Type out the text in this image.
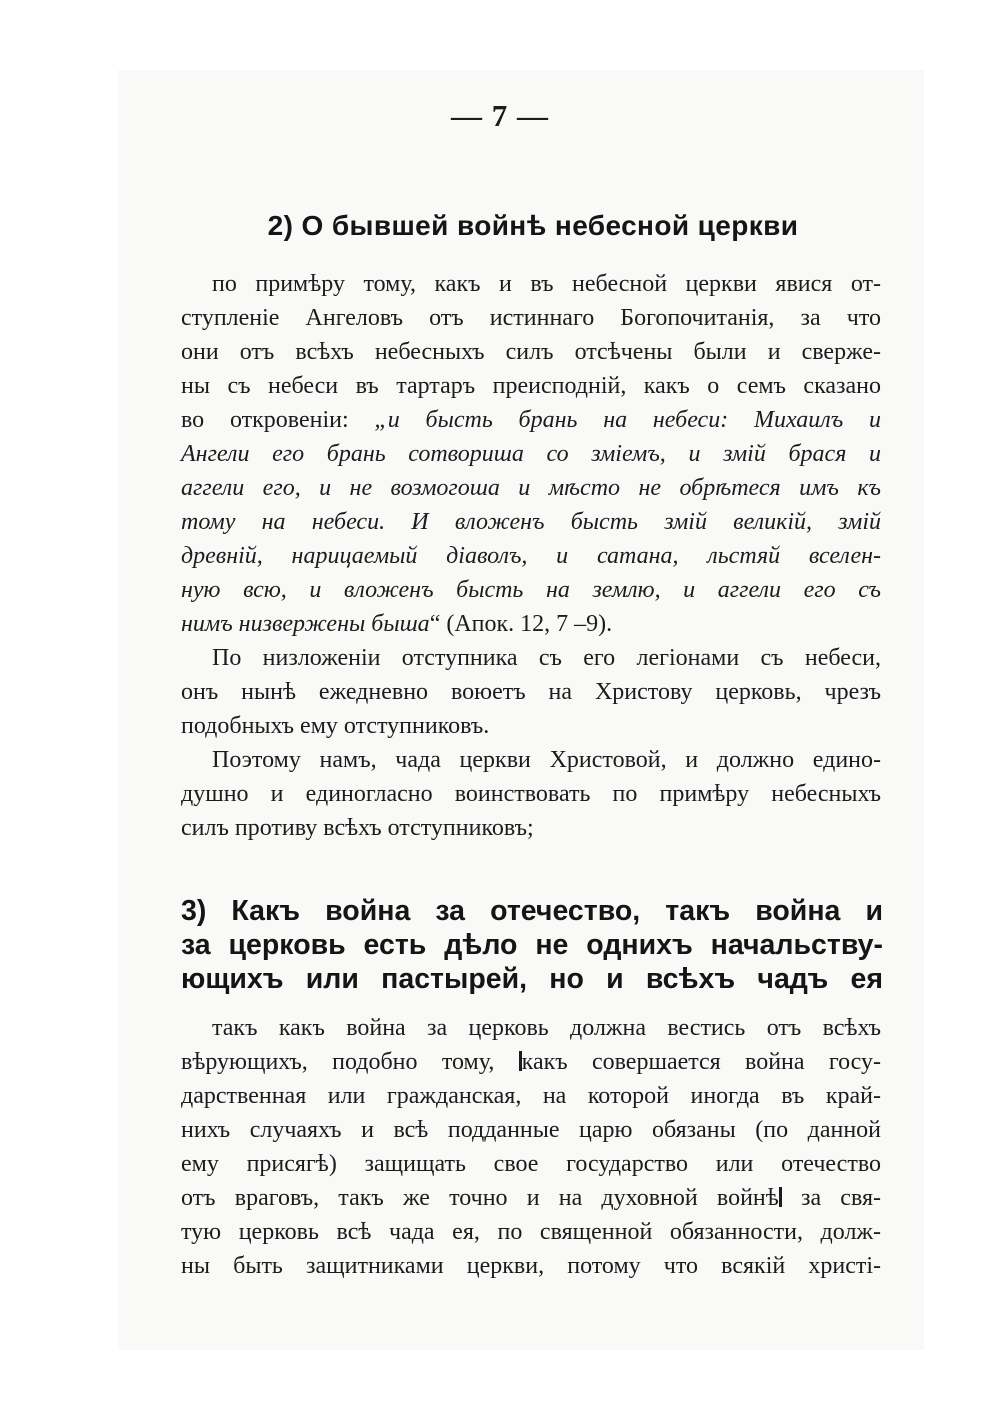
— 7 —
2) О бывшей войнѣ небесной церкви
по примѣру тому, какъ и въ небесной церкви явися от-
ступленіе Ангеловъ отъ истиннаго Богопочитанія, за что
они отъ всѣхъ небесныхъ силъ отсѣчены были и сверже-
ны съ небеси въ тартаръ преисподній, какъ о семъ сказано
во откровеніи: „и бысть брань на небеси: Михаилъ и
Ангели его брань сотвориша со зміемъ, и змій брася и
аггели его, и не возмогоша и мѣсто не обрѣтеся имъ къ
тому на небеси. И вложенъ бысть змій великій, змій
древній, нарицаемый діаволъ, и сатана, льстяй вселен-
ную всю, и вложенъ бысть на землю, и аггели его съ
нимъ низвержены быша“ (Апок. 12, 7 –9).
По низложеніи отступника съ его легіонами съ небеси,
онъ нынѣ ежедневно воюетъ на Христову церковь, чрезъ
подобныхъ ему отступниковъ.
Поэтому намъ, чада церкви Христовой, и должно едино-
душно и единогласно воинствовать по примѣру небесныхъ
силъ противу всѣхъ отступниковъ;
3) Какъ война за отечество, такъ война и
за церковь есть дѣло не однихъ начальству-
ющихъ или пастырей, но и всѣхъ чадъ ея
такъ какъ война за церковь должна вестись отъ всѣхъ
вѣрующихъ, подобно тому, какъ совершается война госу-
дарственная или гражданская, на которой иногда въ край-
нихъ случаяхъ и всѣ подданные царю обязаны (по данной
ему присягѣ) защищать свое государство или отечество
отъ враговъ, такъ же точно и на духовной войнѣ за свя-
тую церковь всѣ чада ея, по священной обязанности, долж-
ны быть защитниками церкви, потому что всякій христі-
